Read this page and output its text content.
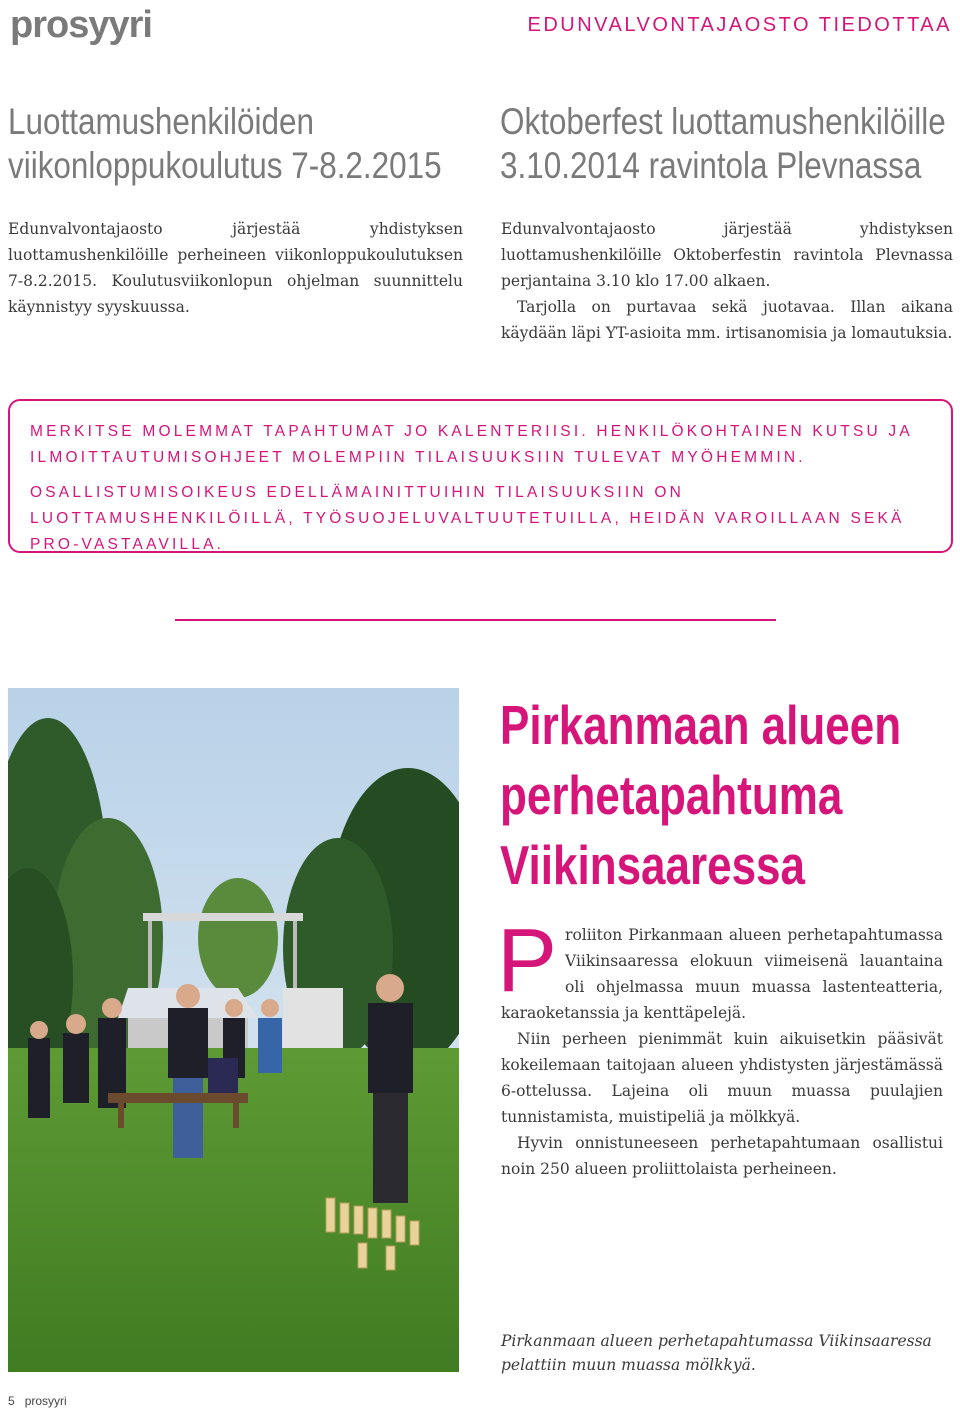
prosyyri	EDUNVALVONTAJAOSTO TIEDOTTAA
Luottamushenkilöiden
viikonloppukoulutus 7-8.2.2015

Edunvalvontajaosto järjestää yhdistyksen luottamushenkilöille perheineen viikonloppukoulutuksen 7-8.2.2015. Koulutusviikonlopun ohjelman suunnittelu käynnistyy syyskuussa.

Oktoberfest luottamushenkilöille
3.10.2014 ravintola Plevnassa

Edunvalvontajaosto järjestää yhdistyksen luottamushenkilöille Oktoberfestin ravintola Plevnassa perjantaina 3.10 klo 17.00 alkaen.

Tarjolla on purtavaa sekä juotavaa. Illan aikana käydään läpi YT-asioita mm. irtisanomisia ja lomautuksia.

MERKITSE MOLEMMAT TAPAHTUMAT JO KALENTERIISI. HENKILÖKOHTAINEN KUTSU JA ILMOITTAUTUMISOHJEET MOLEMPIIN TILAISUUKSIIN TULEVAT MYÖHEMMIN.

OSALLISTUMISOIKEUS EDELLÄMAINITTUIHIN TILAISUUKSIIN ON LUOTTAMUSHENKILÖILLÄ, TYÖSUOJELUVALTUUTETUILLA, HEIDÄN VAROILLAAN SEKÄ PRO-VASTAAVILLA.

Pirkanmaan alueen
perhetapahtuma
Viikinsaaressa

Proliiton Pirkanmaan alueen perhetapahtumassa Viikinsaaressa elokuun viimeisenä lauantaina oli ohjelmassa muun muassa lastenteatteria, karaoketanssia ja kenttäpelejä.

Niin perheen pienimmät kuin aikuisetkin pääsivät kokeilemaan taitojaan alueen yhdistysten järjestämässä 6-ottelussa. Lajeina oli muun muassa puulajien tunnistamista, muistipeliä ja mölkkyä.

Hyvin onnistuneeseen perhetapahtumaan osallistui noin 250 alueen proliittolaista perheineen.

Pirkanmaan alueen perhetapahtumassa Viikinsaaressa pelattiin muun muassa mölkkyä.

5 prosyyri
